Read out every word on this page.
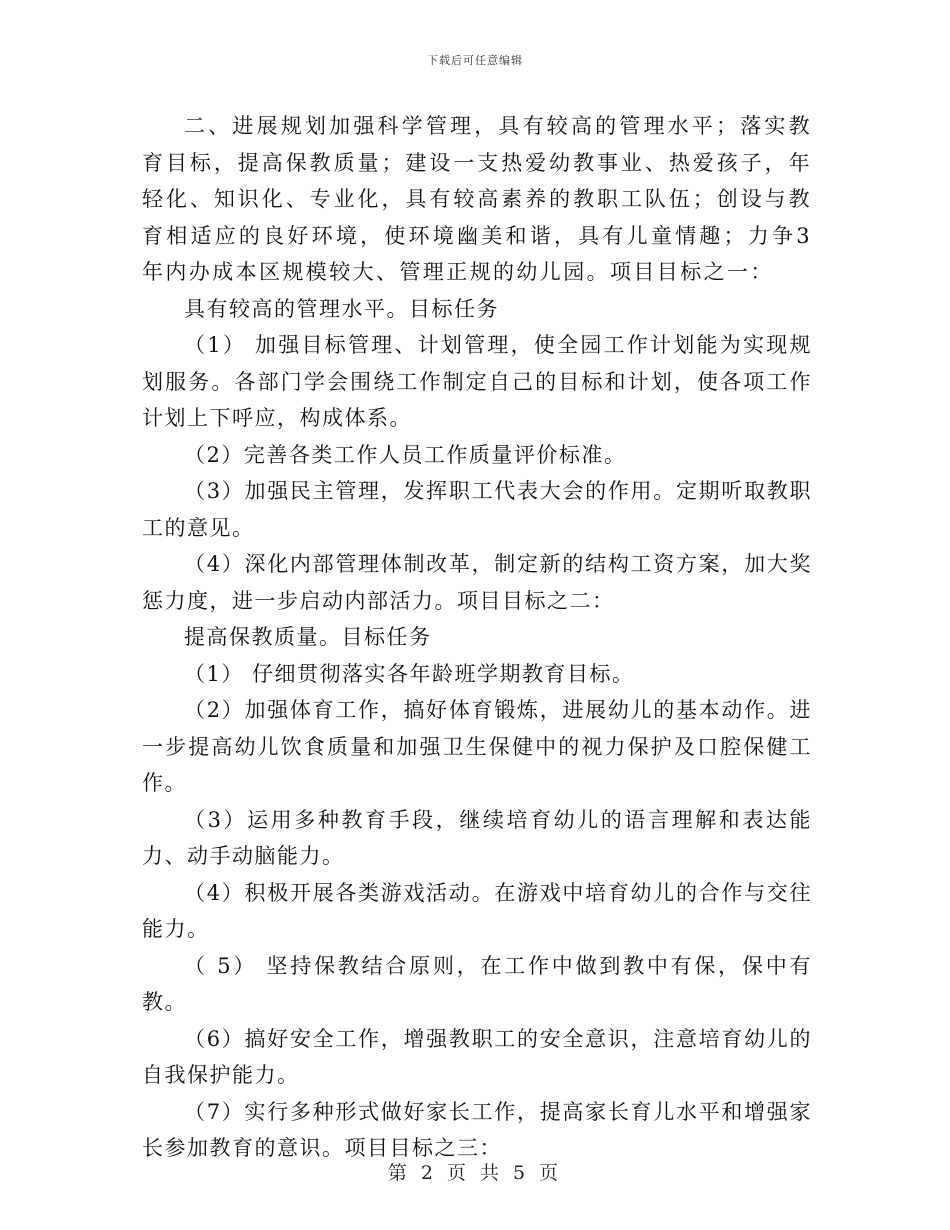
下载后可任意编辑

二、进展规划加强科学管理，具有较高的管理水平；落实教育目标，提高保教质量；建设一支热爱幼教事业、热爱孩子，年轻化、知识化、专业化，具有较高素养的教职工队伍；创设与教育相适应的良好环境，使环境幽美和谐，具有儿童情趣；力争3年内办成本区规模较大、管理正规的幼儿园。项目目标之一：

具有较高的管理水平。目标任务

（1） 加强目标管理、计划管理，使全园工作计划能为实现规划服务。各部门学会围绕工作制定自己的目标和计划，使各项工作计划上下呼应，构成体系。

（2）完善各类工作人员工作质量评价标准。

（3）加强民主管理，发挥职工代表大会的作用。定期听取教职工的意见。

（4）深化内部管理体制改革，制定新的结构工资方案，加大奖惩力度，进一步启动内部活力。项目目标之二：

提高保教质量。目标任务

（1） 仔细贯彻落实各年龄班学期教育目标。

（2）加强体育工作，搞好体育锻炼，进展幼儿的基本动作。进一步提高幼儿饮食质量和加强卫生保健中的视力保护及口腔保健工作。

（3）运用多种教育手段，继续培育幼儿的语言理解和表达能力、动手动脑能力。

（4）积极开展各类游戏活动。在游戏中培育幼儿的合作与交往能力。

（ 5） 坚持保教结合原则，在工作中做到教中有保，保中有教。

（6）搞好安全工作，增强教职工的安全意识，注意培育幼儿的自我保护能力。

（7）实行多种形式做好家长工作，提高家长育儿水平和增强家长参加教育的意识。项目目标之三：

第 2 页 共 5 页
